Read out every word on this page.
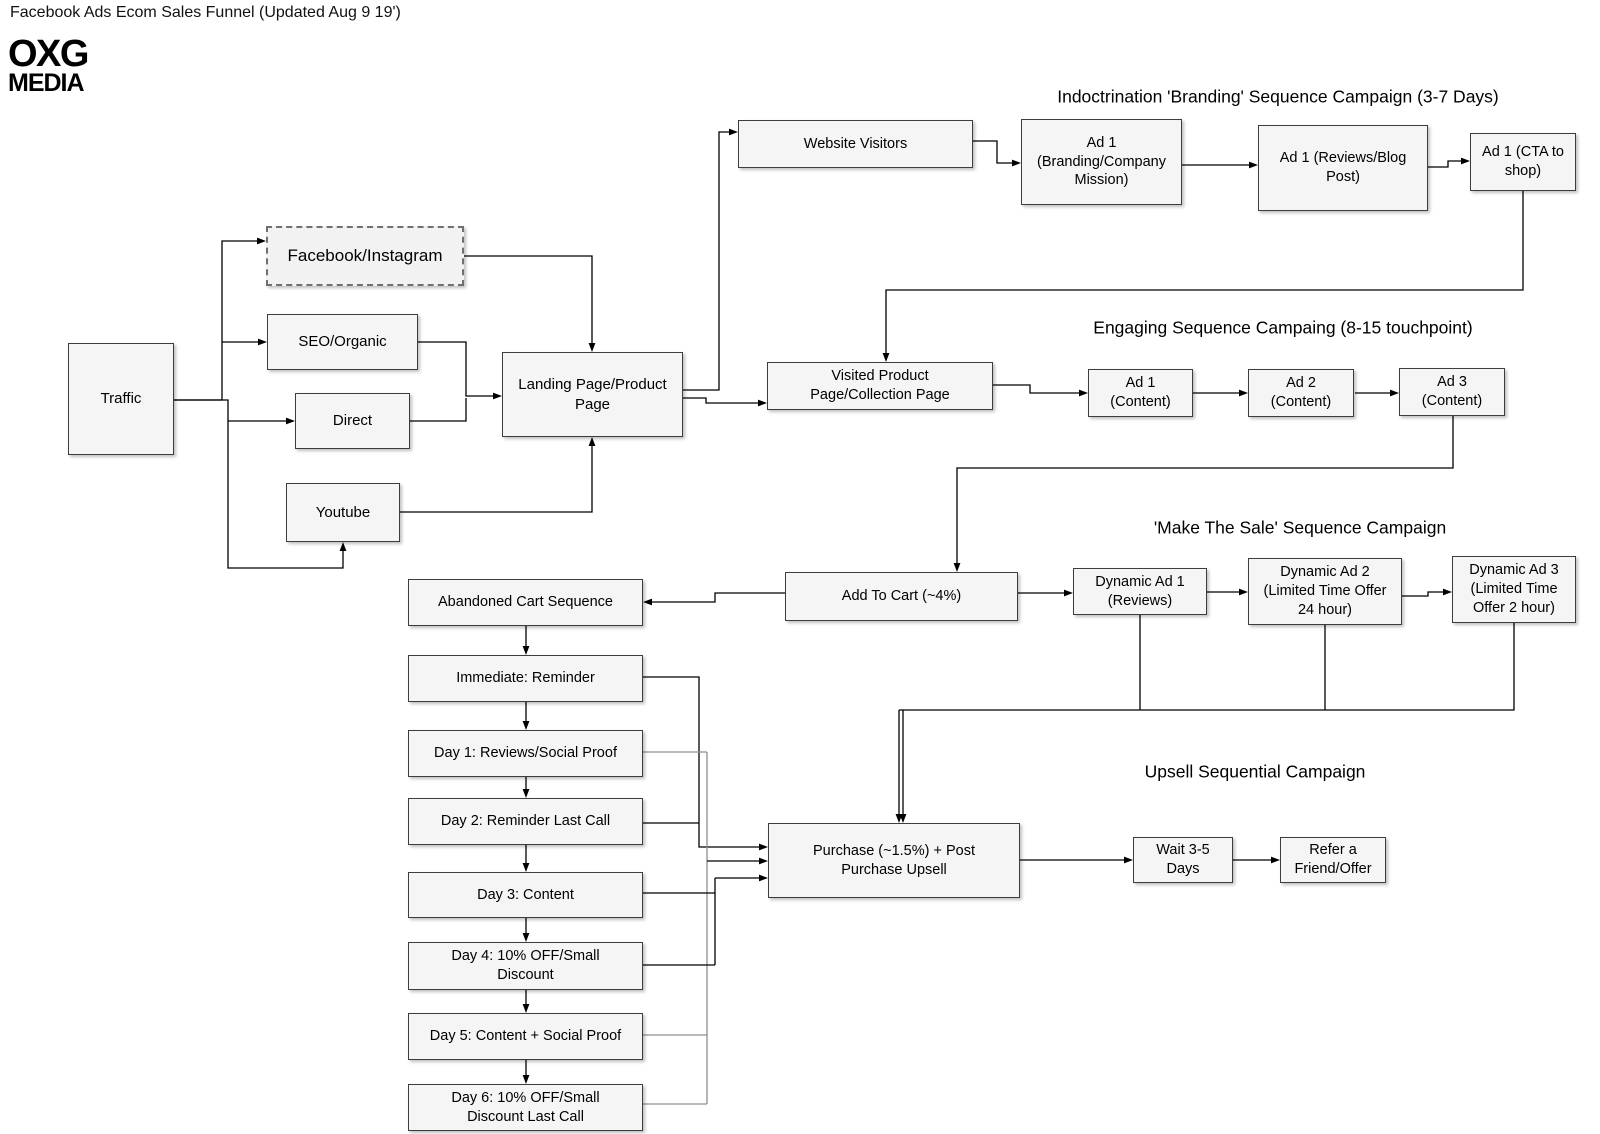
Facebook Ads Ecom Sales Funnel (Updated Aug 9 19')
OXG
MEDIA
Traffic
Facebook/Instagram
SEO/Organic
Direct
Youtube
Landing Page/Product
Page
Website Visitors	Ad 1
(Branding/Company
Mission)
Ad 1 (Reviews/Blog
Post)
Ad 1 (CTA to
shop)
Visited Product
Page/Collection Page
Ad 1
(Content)
Ad 2
(Content)
Ad 3
(Content)
Add To Cart (~4%)
Dynamic Ad 1
(Reviews)
Dynamic Ad 2
(Limited Time Offer
24 hour)
Dynamic Ad 3
(Limited Time
Offer 2 hour)
Abandoned Cart Sequence
Immediate: Reminder
Day 1: Reviews/Social Proof
Day 2: Reminder Last Call
Day 3: Content
Day 4: 10% OFF/Small
Discount
Day 5: Content + Social Proof
Day 6: 10% OFF/Small
Discount Last Call
Purchase (~1.5%) + Post
Purchase Upsell
Wait 3-5
Days
Refer a
Friend/Offer
Indoctrination 'Branding' Sequence Campaign (3-7 Days)
Engaging Sequence Campaing (8-15 touchpoint)
'Make The Sale' Sequence Campaign
Upsell Sequential Campaign
